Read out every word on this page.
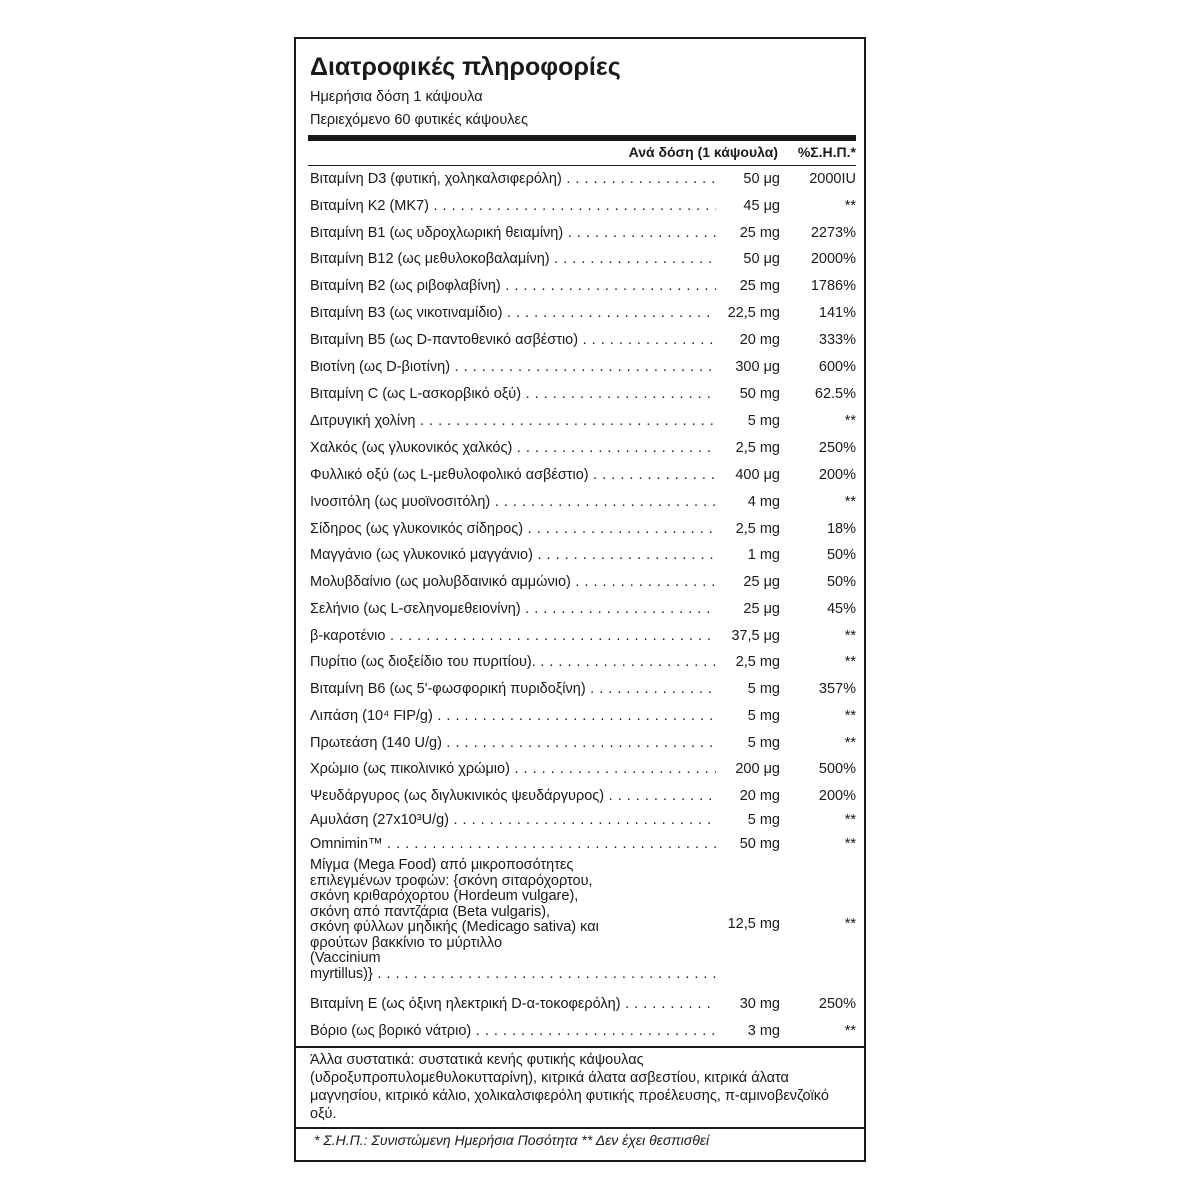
Διατροφικές πληροφορίες
Ημερήσια δόση 1 κάψουλα
Περιεχόμενο 60 φυτικές κάψουλες
Ανά δόση (1 κάψουλα) %Σ.Η.Π.*
Βιταμίνη D3 (φυτική, χοληκαλσιφερόλη) . . .	50 μg 2000IU
Βιταμίνη K2 (MK7) . . .	45 μg	**
Βιταμίνη B1 (ως υδροχλωρική θειαμίνη) . . .	25 mg 2273%
Βιταμίνη B12 (ως μεθυλοκοβαλαμίνη) . . .	50 μg 2000%
Βιταμίνη B2 (ως ριβοφλαβίνη) . . .	25 mg 1786%
Βιταμίνη B3 (ως νικοτιναμίδιο) . . .	22,5 mg	141%
Βιταμίνη B5 (ως D-παντοθενικό ασβέστιο) . . .	20 mg	333%
Βιοτίνη (ως D-βιοτίνη) . . .	300 μg	600%
Βιταμίνη C (ως L-ασκορβικό οξύ) . . .	50 mg 62.5%
Διτρυγική χολίνη . . .	5 mg	**
Χαλκός (ως γλυκονικός χαλκός) . . .	2,5 mg	250%
Φυλλικό οξύ (ως L-μεθυλοφολικό ασβέστιο) . . .	400 μg	200%
Ινοσιτόλη (ως μυοϊνοσιτόλη) . . .	4 mg	**
Σίδηρος (ως γλυκονικός σίδηρος) . . .	2,5 mg	18%
Μαγγάνιο (ως γλυκονικό μαγγάνιο) . . .	1 mg	50%
Μολυβδαίνιο (ως μολυβδαινικό αμμώνιο) . . .	25 μg	50%
Σελήνιο (ως L-σεληνομεθειονίνη) . . .	25 μg	45%
β-καροτένιο . . .	37,5 μg	**
Πυρίτιο (ως διοξείδιο του πυριτίου). . . .	2,5 mg	**
Βιταμίνη B6 (ως 5'-φωσφορική πυριδοξίνη) . . .	5 mg	357%
Λιπάση (10⁴ FIP/g) . . .	5 mg	**
Πρωτεάση (140 U/g) . . .	5 mg	**
Χρώμιο (ως πικολινικό χρώμιο) . . .	200 μg	500%
Ψευδάργυρος (ως διγλυκινικός ψευδάργυρος) . . .	20 mg	200%
Αμυλάση (27x10³U/g) . . .	5 mg	**
Omnimin™ . . .	50 mg	**
Μίγμα (Mega Food) από μικροποσότητες
επιλεγμένων τροφών: {σκόνη σιταρόχορτου,
σκόνη κριθαρόχορτου (Hordeum vulgare),
σκόνη από παντζάρια (Beta vulgaris),
σκόνη φύλλων μηδικής (Medicago sativa) και
φρούτων βακκίνιο το μύρτιλλο
(Vaccinium
myrtillus)} . . .
12,5 mg	**
Βιταμίνη E (ως όξινη ηλεκτρική D-α-τοκοφερόλη) . . .	30 mg	250%
Βόριο (ως βορικό νάτριο) . . .	3 mg	**
Άλλα συστατικά: συστατικά κενής φυτικής κάψουλας (υδροξυπροπυλομεθυλοκυτταρίνη), κιτρικά άλατα ασβεστίου, κιτρικά άλατα μαγνησίου, κιτρικό κάλιο, χολικαλσιφερόλη φυτικής προέλευσης, π-αμινοβενζοϊκό οξύ.
* Σ.Η.Π.: Συνιστώμενη Ημερήσια Ποσότητα ** Δεν έχει θεσπισθεί
